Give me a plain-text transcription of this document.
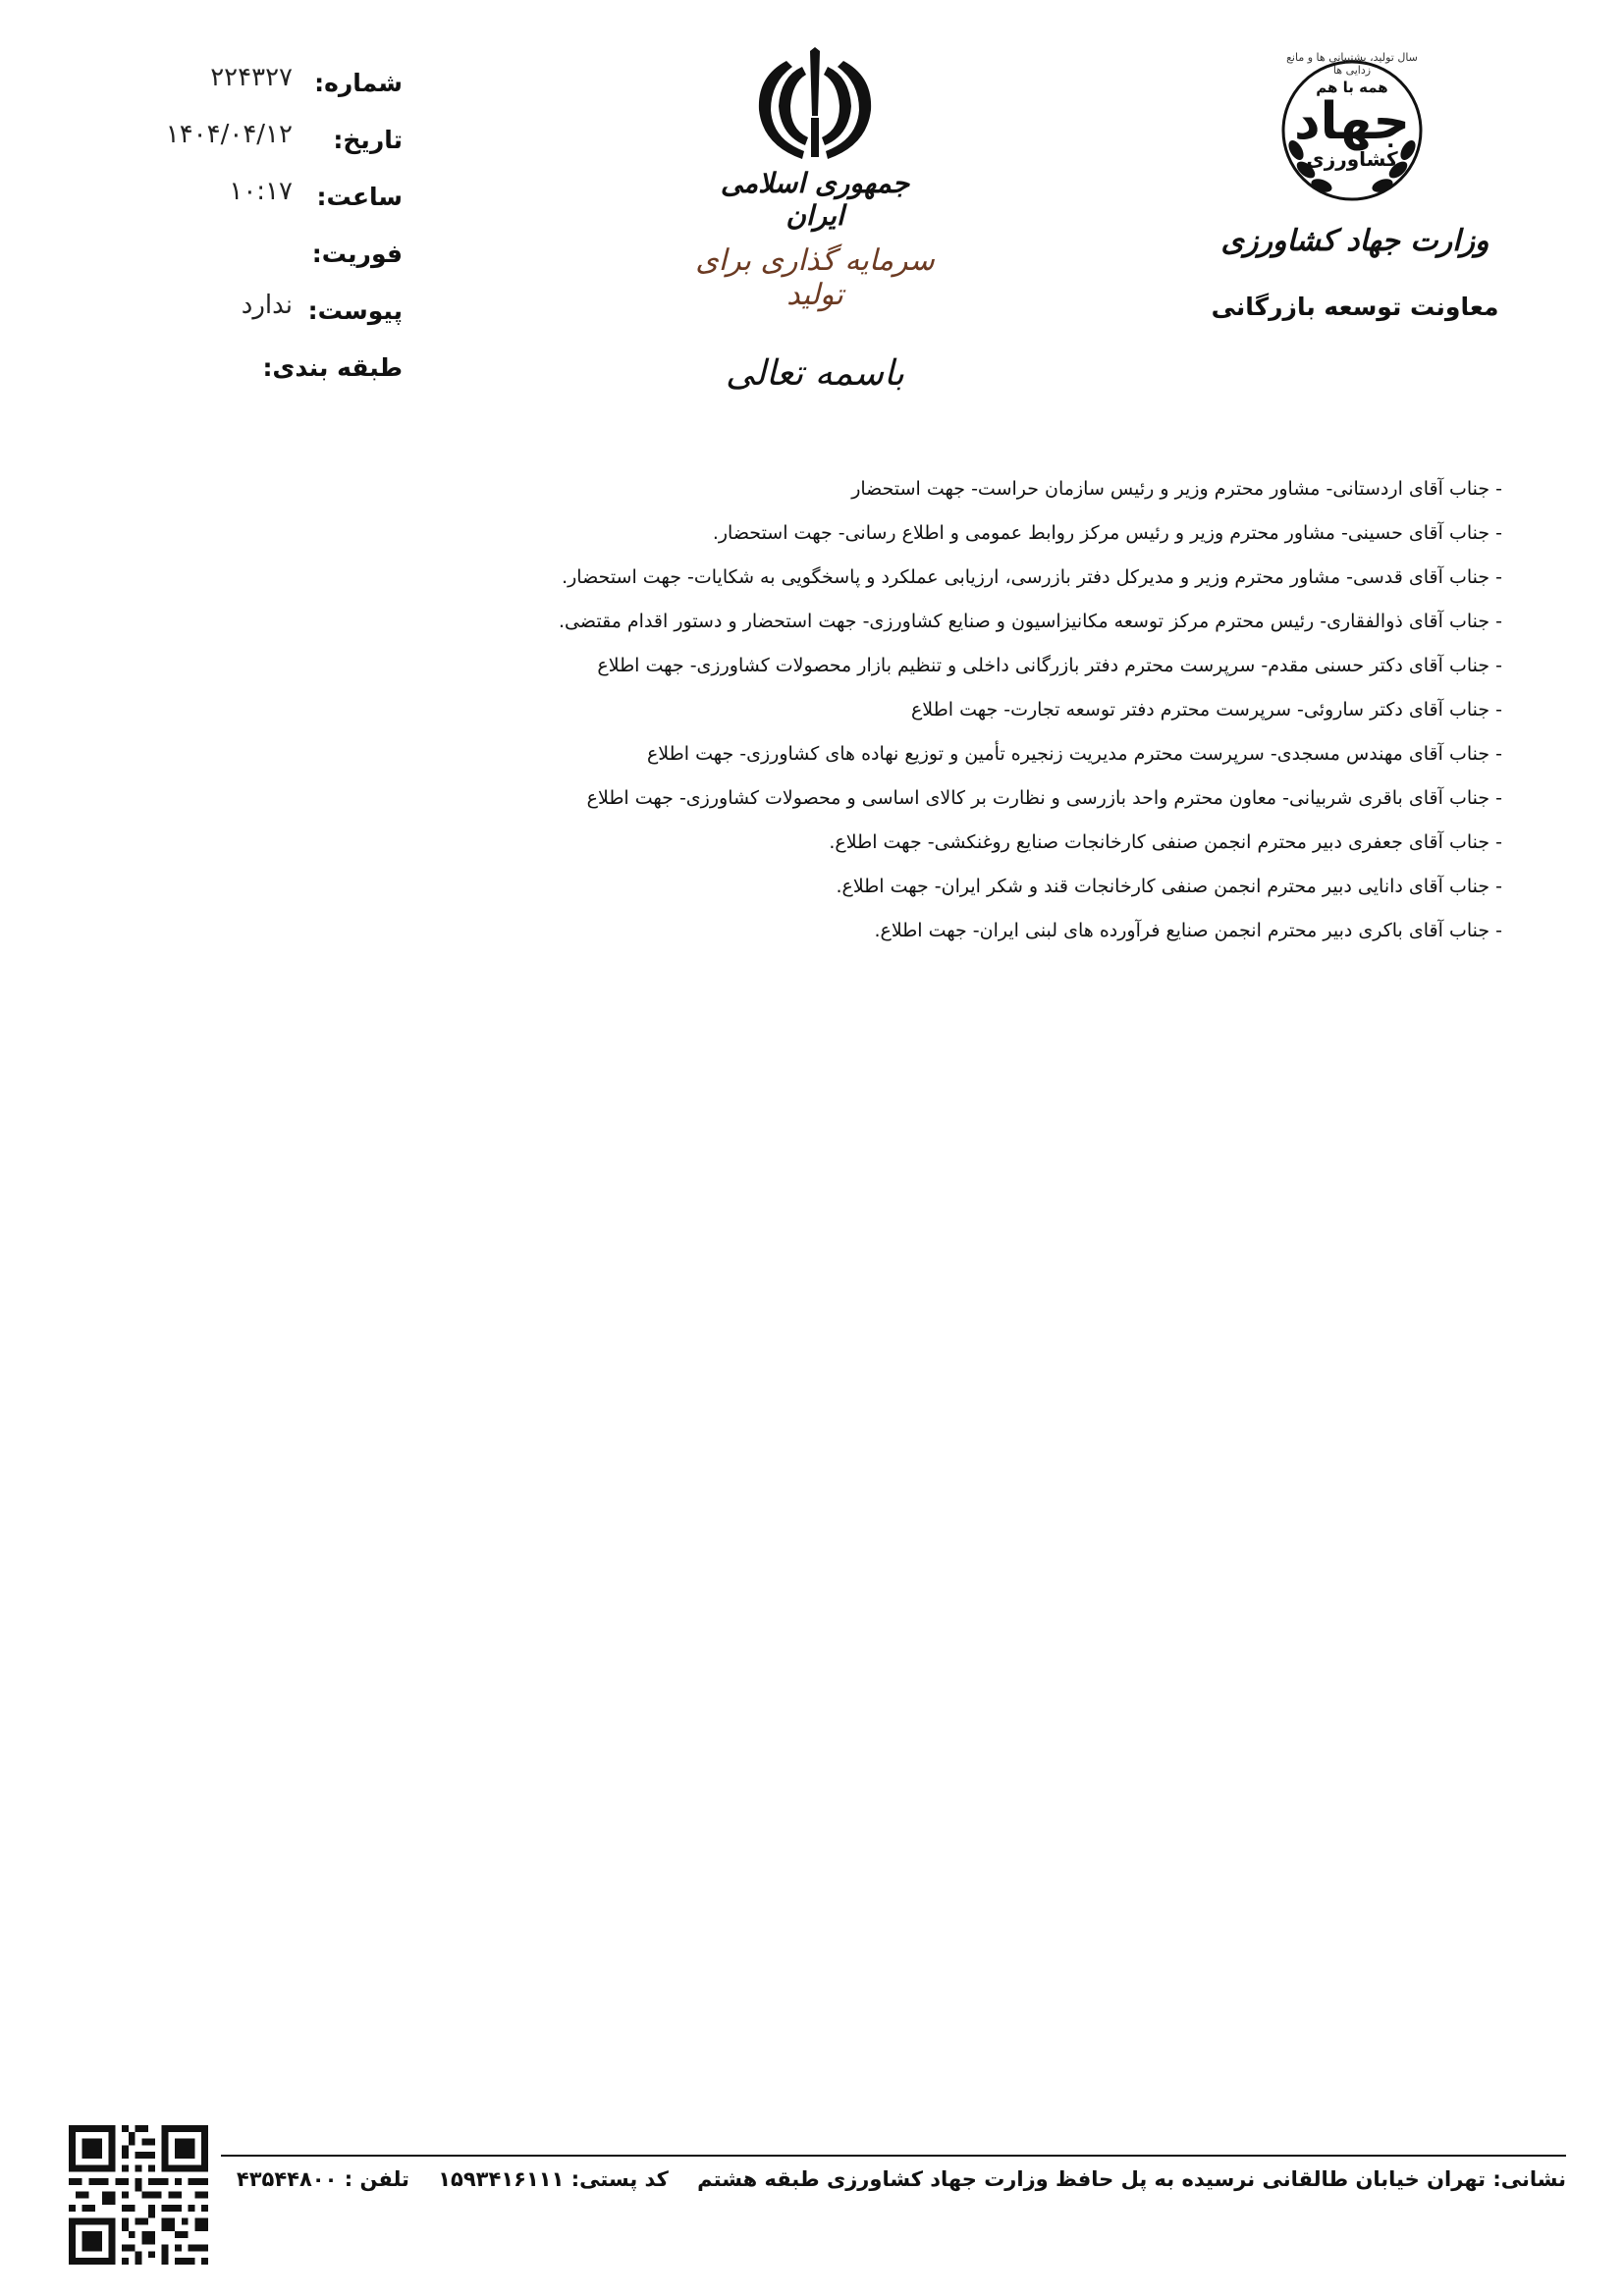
سال تولید، پشتیبانی ها و مانع زدایی ها
همه با هم
جهاد
کشاورزی
وزارت جهاد کشاورزی
معاونت توسعه بازرگانی
جمهوری اسلامی ایران
سرمایه گذاری برای تولید
باسمه تعالی
شماره:
۲۲۴۳۲۷
تاریخ:
۱۴۰۴/۰۴/۱۲
ساعت:
۱۰:۱۷
فوریت:
پیوست:
ندارد
طبقه بندی:
- جناب آقای اردستانی- مشاور محترم وزیر و رئیس سازمان حراست- جهت استحضار
- جناب آقای حسینی- مشاور محترم وزیر و رئیس مرکز روابط عمومی و اطلاع رسانی- جهت استحضار.
- جناب آقای قدسی- مشاور محترم وزیر و مدیرکل دفتر بازرسی، ارزیابی عملکرد و پاسخگویی به شکایات- جهت استحضار.
- جناب آقای ذوالفقاری- رئیس محترم مرکز توسعه مکانیزاسیون و صنایع کشاورزی- جهت استحضار و دستور اقدام مقتضی.
- جناب آقای دکتر حسنی مقدم- سرپرست محترم دفتر بازرگانی داخلی و تنظیم بازار محصولات کشاورزی- جهت اطلاع
- جناب آقای دکتر ساروئی- سرپرست محترم دفتر توسعه تجارت- جهت اطلاع
- جناب آقای مهندس مسجدی- سرپرست محترم مدیریت زنجیره تأمین و توزیع نهاده های کشاورزی- جهت اطلاع
- جناب آقای باقری شربیانی- معاون محترم واحد بازرسی و نظارت بر کالای اساسی و محصولات کشاورزی- جهت اطلاع
- جناب آقای جعفری دبیر محترم انجمن صنفی کارخانجات صنایع روغنکشی- جهت اطلاع.
- جناب آقای دانایی دبیر محترم انجمن صنفی کارخانجات قند و شکر ایران- جهت اطلاع.
- جناب آقای باکری دبیر محترم انجمن صنایع فرآورده های لبنی ایران- جهت اطلاع.
نشانی: تهران خیابان طالقانی نرسیده به پل حافظ وزارت جهاد کشاورزی طبقه هشتم کد پستی: ۱۵۹۳۴۱۶۱۱۱ تلفن : ۴۳۵۴۴۸۰۰
